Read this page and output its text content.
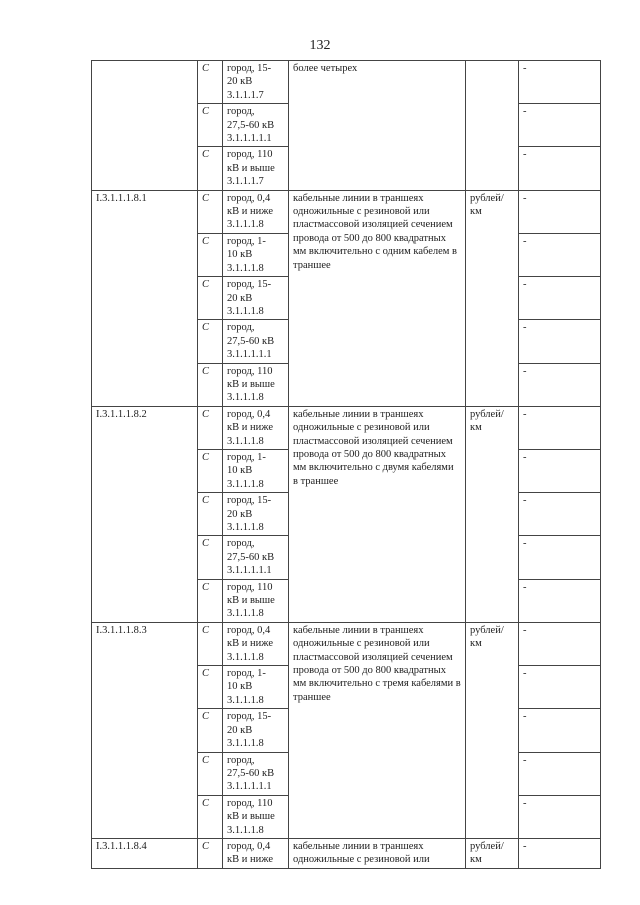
132
	С	город, 15-
20 кВ
3.1.1.1.7	более четырех		-
	С	город,
27,5-60 кВ
3.1.1.1.1.1			-
	С	город, 110
кВ и выше
3.1.1.1.7			-
I.3.1.1.1.8.1	С	город, 0,4
кВ и ниже
3.1.1.1.8	кабельные линии в траншеях одножильные с резиновой или пластмассовой изоляцией сечением провода от 500 до 800 квадратных мм включительно с одним кабелем в траншее	рублей/ км	-
	С	город, 1-
10 кВ
3.1.1.1.8			-
	С	город, 15-
20 кВ
3.1.1.1.8			-
	С	город,
27,5-60 кВ
3.1.1.1.1.1			-
	С	город, 110
кВ и выше
3.1.1.1.8			-
I.3.1.1.1.8.2	С	город, 0,4
кВ и ниже
3.1.1.1.8	кабельные линии в траншеях одножильные с резиновой или пластмассовой изоляцией сечением провода от 500 до 800 квадратных мм включительно с двумя кабелями в траншее	рублей/ км	-
	С	город, 1-
10 кВ
3.1.1.1.8			-
	С	город, 15-
20 кВ
3.1.1.1.8			-
	С	город,
27,5-60 кВ
3.1.1.1.1.1			-
	С	город, 110
кВ и выше
3.1.1.1.8			-
I.3.1.1.1.8.3	С	город, 0,4
кВ и ниже
3.1.1.1.8	кабельные линии в траншеях одножильные с резиновой или пластмассовой изоляцией сечением провода от 500 до 800 квадратных мм включительно с тремя кабелями в траншее	рублей/ км	-
	С	город, 1-
10 кВ
3.1.1.1.8			-
	С	город, 15-
20 кВ
3.1.1.1.8			-
	С	город,
27,5-60 кВ
3.1.1.1.1.1			-
	С	город, 110
кВ и выше
3.1.1.1.8			-
I.3.1.1.1.8.4	С	город, 0,4
кВ и ниже	кабельные линии в траншеях одножильные с резиновой или	рублей/ км	-
